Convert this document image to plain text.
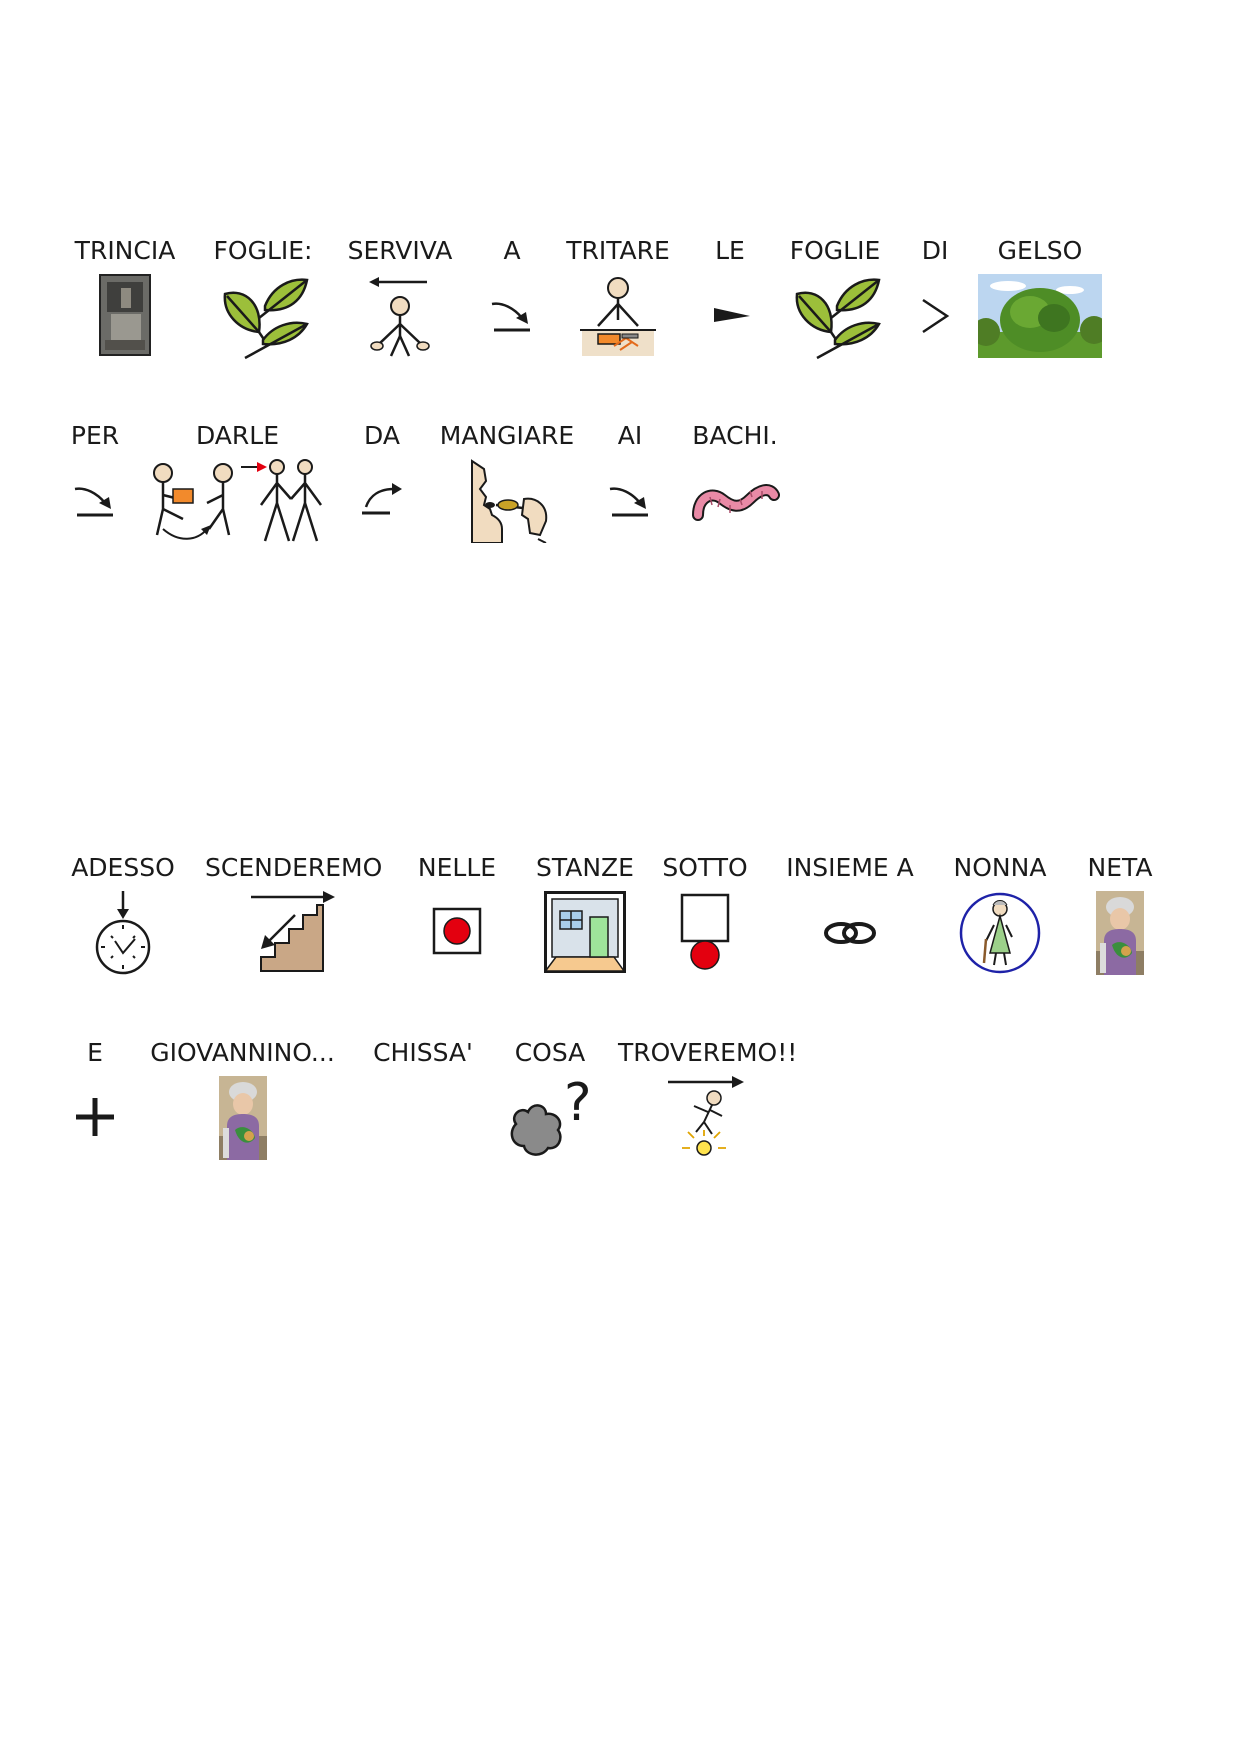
TRINCIA	FOGLIE:	SERVIVA	A	TRITARE	LE	FOGLIE	DI	GELSO
PER	DARLE	DA	MANGIARE	AI	BACHI.
ADESSO SCENDEREMO	NELLE	STANZE	SOTTO	INSIEME A	NONNA	NETA
E	GIOVANNINO...	CHISSA'	COSA
?
TROVEREMO!!
